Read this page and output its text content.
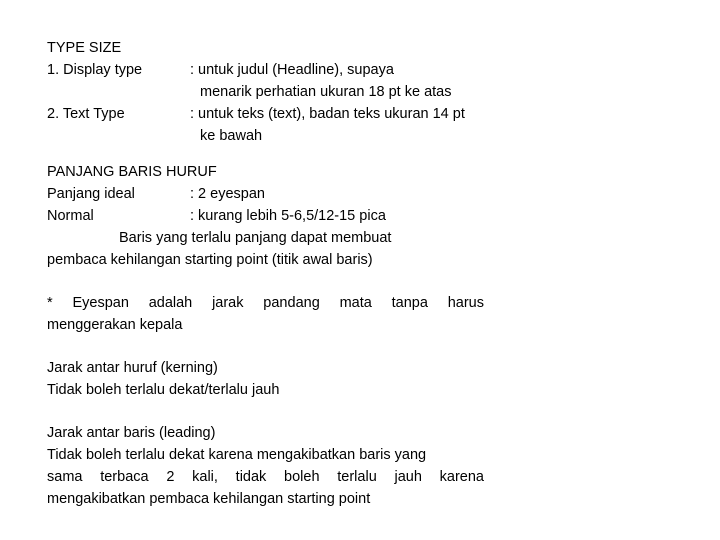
TYPE SIZE
1. Display type	: untuk judul (Headline), supaya
menarik perhatian ukuran 18 pt ke atas
2. Text Type	: untuk teks (text), badan teks ukuran 14 pt
ke bawah
PANJANG BARIS HURUF
Panjang ideal	: 2 eyespan
Normal	: kurang lebih 5-6,5/12-15 pica
Baris yang terlalu panjang dapat membuat
pembaca kehilangan starting point (titik awal baris)
* Eyespan adalah jarak pandang mata tanpa harus
menggerakan kepala
Jarak antar huruf (kerning)
Tidak boleh terlalu dekat/terlalu jauh
Jarak antar baris (leading)
Tidak boleh terlalu dekat karena mengakibatkan baris yang
sama terbaca 2 kali, tidak boleh terlalu jauh karena
mengakibatkan pembaca kehilangan starting point
